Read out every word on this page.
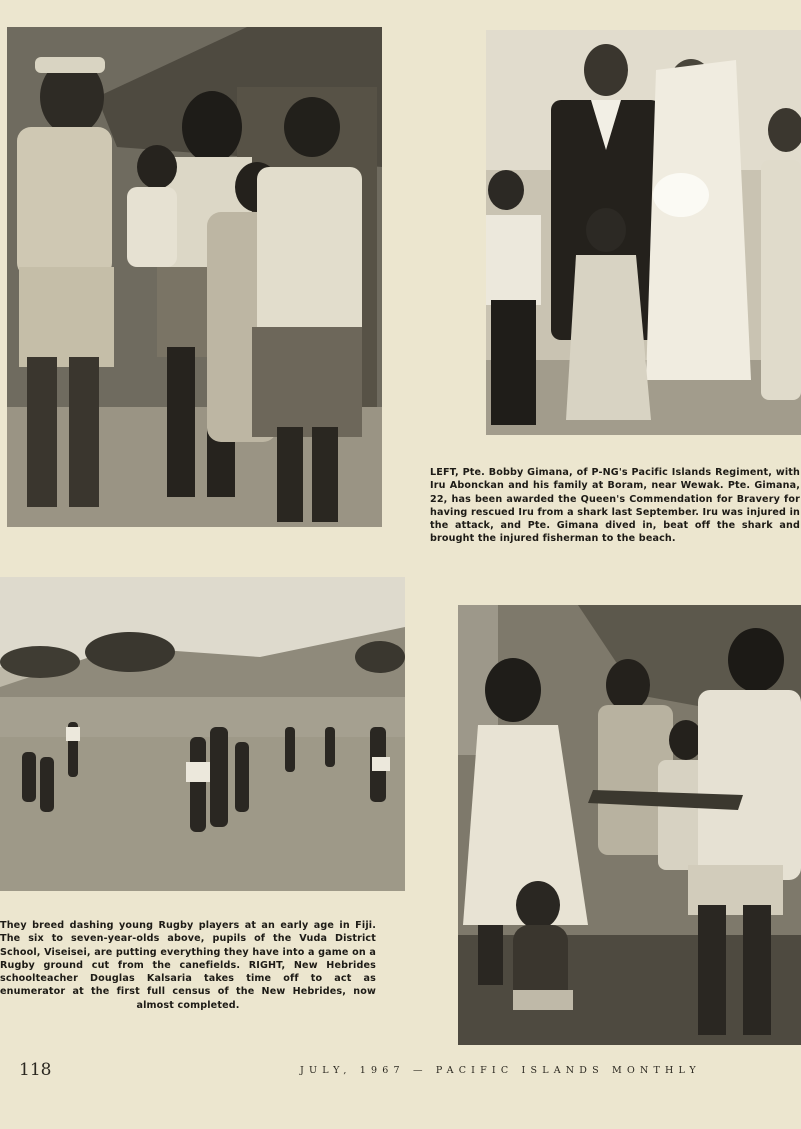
LEFT, Pte. Bobby Gimana, of P-NG's Pacific Islands Regiment, with Iru Abonckan and his family at Boram, near Wewak. Pte. Gimana, 22, has been awarded the Queen's Commendation for Bravery for having rescued Iru from a shark last September. Iru was injured in the attack, and Pte. Gimana dived in, beat off the shark and brought the injured fisherman to the beach.
They breed dashing young Rugby players at an early age in Fiji. The six to seven-year-olds above, pupils of the Vuda District School, Viseisei, are putting everything they have into a game on a Rugby ground cut from the canefields. RIGHT, New Hebrides schoolteacher Douglas Kalsaria takes time off to act as enumerator at the first full census of the New Hebrides, now almost completed.
118	JULY, 1967 — PACIFIC ISLANDS MONTHLY
